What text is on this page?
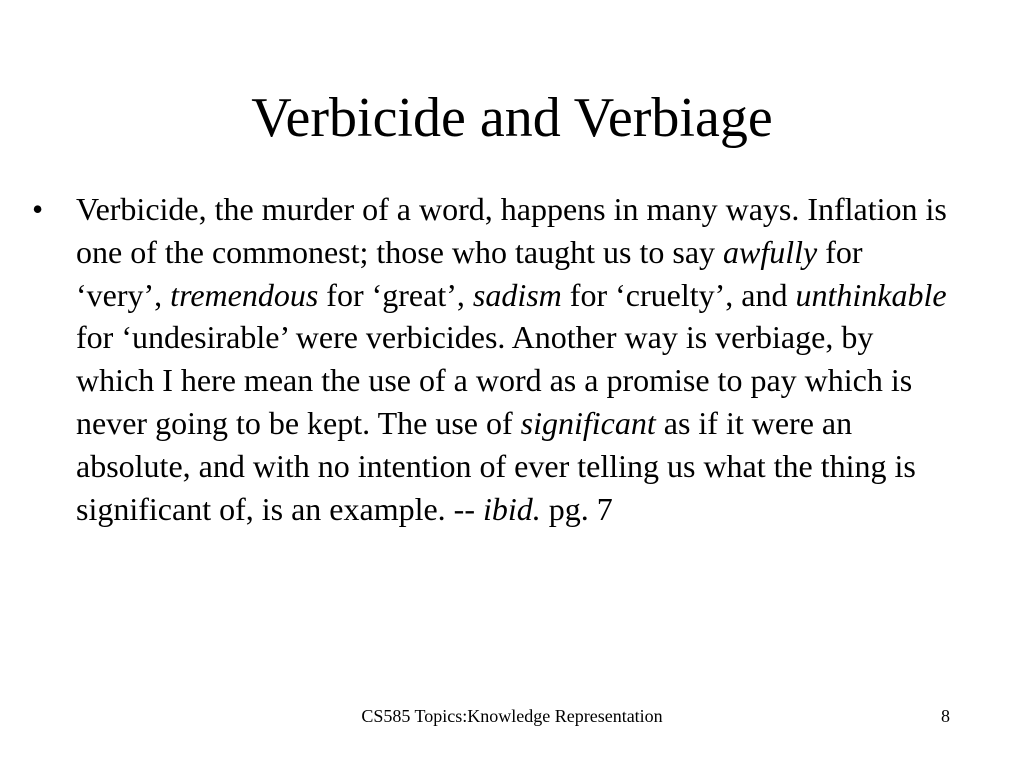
Verbicide and Verbiage
• Verbicide, the murder of a word, happens in many ways. Inflation is one of the commonest; those who taught us to say awfully for ‘very’, tremendous for ‘great’, sadism for ‘cruelty’, and unthinkable for ‘undesirable’ were verbicides. Another way is verbiage, by which I here mean the use of a word as a promise to pay which is never going to be kept. The use of significant as if it were an absolute, and with no intention of ever telling us what the thing is significant of, is an example. -- ibid. pg. 7

CS585 Topics:Knowledge Representation	8
